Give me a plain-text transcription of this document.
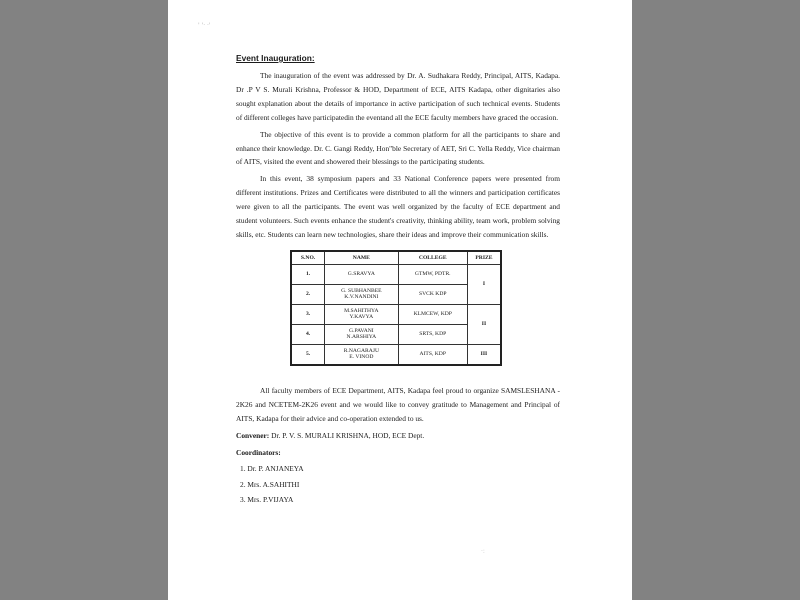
' '· ·'
Event Inauguration:

The inauguration of the event was addressed by Dr. A. Sudhakara Reddy, Principal, AITS, Kadapa. Dr .P V S. Murali Krishna, Professor & HOD, Department of ECE, AITS Kadapa, other dignitaries also sought explanation about the details of importance in active participation of such technical events. Students of different colleges have participatedin the eventand all the ECE faculty members have graced the occasion.

The objective of this event is to provide a common platform for all the participants to share and enhance their knowledge. Dr. C. Gangi Reddy, Hon"ble Secretary of AET, Sri C. Yella Reddy, Vice chairman of AITS, visited the event and showered their blessings to the participating students.

In this event, 38 symposium papers and 33 National Conference papers were presented from different institutions. Prizes and Certificates were distributed to all the winners and participation certificates were given to all the participants. The event was well organized by the faculty of ECE department and student volunteers. Such events enhance the student's creativity, thinking ability, team work, problem solving skills, etc. Students can learn new technologies, share their ideas and improve their communication skills.

S.NO.	NAME	COLLEGE	PRIZE
1.	G.SRAVYA	GTMW, PDTR.	I
2.	G. SUBHANBEE
K.V.NANDINI	SVCK KDP	
3.	M.SAHITHYA
Y.KAVYA	KLMCEW, KDP	II
4.	G.PAVANI
N.ARSHIYA	SRTS, KDP	
5.	R.NAGARAJU
E. VINOD	AITS, KDP	III

All faculty members of ECE Department, AITS, Kadapa feel proud to organize SAMSLESHANA - 2K26 and NCETEM-2K26 event and we would like to convey gratitude to Management and Principal of AITS, Kadapa for their advice and co-operation extended to us.

Convener: Dr. P. V. S. MURALI KRISHNA, HOD, ECE Dept.
Coordinators:
1. Dr. P. ANJANEYA
2. Mrs. A.SAHITHI
3. Mrs. P.VIJAYA
·:
